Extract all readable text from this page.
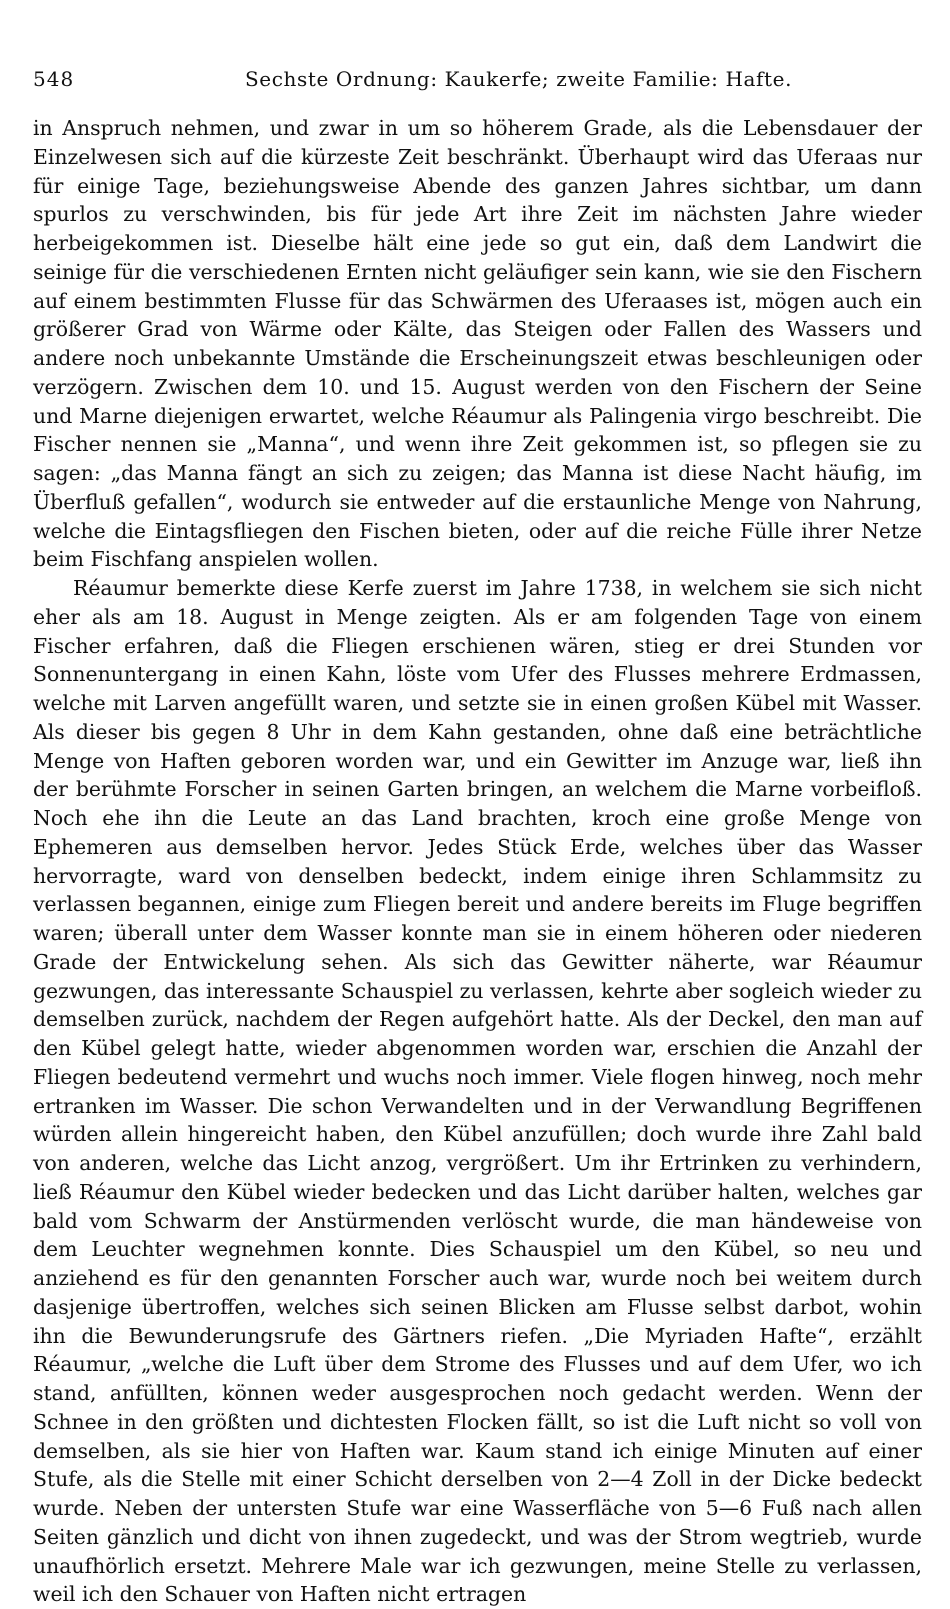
548	Sechste Ordnung: Kaukerfe; zweite Familie: Hafte.

in Anspruch nehmen, und zwar in um so höherem Grade, als die Lebensdauer der Einzelwesen sich auf die kürzeste Zeit beschränkt. Überhaupt wird das Uferaas nur für einige Tage, beziehungsweise Abende des ganzen Jahres sichtbar, um dann spurlos zu verschwinden, bis für jede Art ihre Zeit im nächsten Jahre wieder herbeigekommen ist. Dieselbe hält eine jede so gut ein, daß dem Landwirt die seinige für die verschiedenen Ernten nicht geläufiger sein kann, wie sie den Fischern auf einem bestimmten Flusse für das Schwärmen des Uferaases ist, mögen auch ein größerer Grad von Wärme oder Kälte, das Steigen oder Fallen des Wassers und andere noch unbekannte Umstände die Erscheinungszeit etwas beschleunigen oder verzögern. Zwischen dem 10. und 15. August werden von den Fischern der Seine und Marne diejenigen erwartet, welche Réaumur als Palingenia virgo beschreibt. Die Fischer nennen sie „Manna“, und wenn ihre Zeit gekommen ist, so pflegen sie zu sagen: „das Manna fängt an sich zu zeigen; das Manna ist diese Nacht häufig, im Überfluß gefallen“, wodurch sie entweder auf die erstaunliche Menge von Nahrung, welche die Eintagsfliegen den Fischen bieten, oder auf die reiche Fülle ihrer Netze beim Fischfang anspielen wollen.

Réaumur bemerkte diese Kerfe zuerst im Jahre 1738, in welchem sie sich nicht eher als am 18. August in Menge zeigten. Als er am folgenden Tage von einem Fischer erfahren, daß die Fliegen erschienen wären, stieg er drei Stunden vor Sonnenuntergang in einen Kahn, löste vom Ufer des Flusses mehrere Erdmassen, welche mit Larven angefüllt waren, und setzte sie in einen großen Kübel mit Wasser. Als dieser bis gegen 8 Uhr in dem Kahn gestanden, ohne daß eine beträchtliche Menge von Haften geboren worden war, und ein Gewitter im Anzuge war, ließ ihn der berühmte Forscher in seinen Garten bringen, an welchem die Marne vorbeifloß. Noch ehe ihn die Leute an das Land brachten, kroch eine große Menge von Ephemeren aus demselben hervor. Jedes Stück Erde, welches über das Wasser hervorragte, ward von denselben bedeckt, indem einige ihren Schlammsitz zu verlassen begannen, einige zum Fliegen bereit und andere bereits im Fluge begriffen waren; überall unter dem Wasser konnte man sie in einem höheren oder niederen Grade der Entwickelung sehen. Als sich das Gewitter näherte, war Réaumur gezwungen, das interessante Schauspiel zu verlassen, kehrte aber sogleich wieder zu demselben zurück, nachdem der Regen aufgehört hatte. Als der Deckel, den man auf den Kübel gelegt hatte, wieder abgenommen worden war, erschien die Anzahl der Fliegen bedeutend vermehrt und wuchs noch immer. Viele flogen hinweg, noch mehr ertranken im Wasser. Die schon Verwandelten und in der Verwandlung Begriffenen würden allein hingereicht haben, den Kübel anzufüllen; doch wurde ihre Zahl bald von anderen, welche das Licht anzog, vergrößert. Um ihr Ertrinken zu verhindern, ließ Réaumur den Kübel wieder bedecken und das Licht darüber halten, welches gar bald vom Schwarm der Anstürmenden verlöscht wurde, die man händeweise von dem Leuchter wegnehmen konnte. Dies Schauspiel um den Kübel, so neu und anziehend es für den genannten Forscher auch war, wurde noch bei weitem durch dasjenige übertroffen, welches sich seinen Blicken am Flusse selbst darbot, wohin ihn die Bewunderungsrufe des Gärtners riefen. „Die Myriaden Hafte“, erzählt Réaumur, „welche die Luft über dem Strome des Flusses und auf dem Ufer, wo ich stand, anfüllten, können weder ausgesprochen noch gedacht werden. Wenn der Schnee in den größten und dichtesten Flocken fällt, so ist die Luft nicht so voll von demselben, als sie hier von Haften war. Kaum stand ich einige Minuten auf einer Stufe, als die Stelle mit einer Schicht derselben von 2—4 Zoll in der Dicke bedeckt wurde. Neben der untersten Stufe war eine Wasserfläche von 5—6 Fuß nach allen Seiten gänzlich und dicht von ihnen zugedeckt, und was der Strom wegtrieb, wurde unaufhörlich ersetzt. Mehrere Male war ich gezwungen, meine Stelle zu verlassen, weil ich den Schauer von Haften nicht ertragen
